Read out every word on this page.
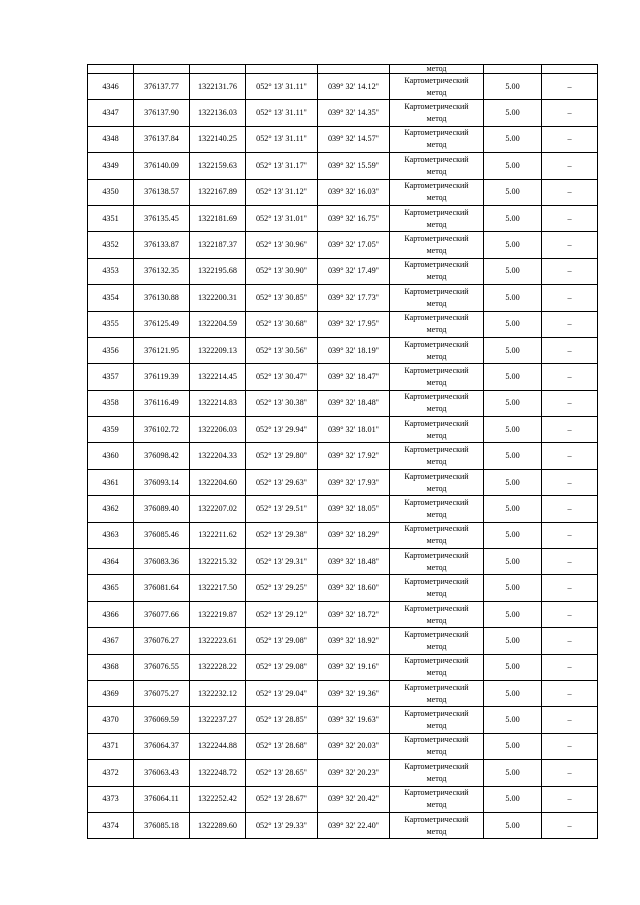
					метод		

4346	376137.77	1322131.76	052° 13' 31.11"	039° 32' 14.12"	Картометрический
метод	5.00	–
4347	376137.90	1322136.03	052° 13' 31.11"	039° 32' 14.35"	Картометрический
метод	5.00	–
4348	376137.84	1322140.25	052° 13' 31.11"	039° 32' 14.57"	Картометрический
метод	5.00	–
4349	376140.09	1322159.63	052° 13' 31.17"	039° 32' 15.59"	Картометрический
метод	5.00	–
4350	376138.57	1322167.89	052° 13' 31.12"	039° 32' 16.03"	Картометрический
метод	5.00	–
4351	376135.45	1322181.69	052° 13' 31.01"	039° 32' 16.75"	Картометрический
метод	5.00	–
4352	376133.87	1322187.37	052° 13' 30.96"	039° 32' 17.05"	Картометрический
метод	5.00	–
4353	376132.35	1322195.68	052° 13' 30.90"	039° 32' 17.49"	Картометрический
метод	5.00	–
4354	376130.88	1322200.31	052° 13' 30.85"	039° 32' 17.73"	Картометрический
метод	5.00	–
4355	376125.49	1322204.59	052° 13' 30.68"	039° 32' 17.95"	Картометрический
метод	5.00	–
4356	376121.95	1322209.13	052° 13' 30.56"	039° 32' 18.19"	Картометрический
метод	5.00	–
4357	376119.39	1322214.45	052° 13' 30.47"	039° 32' 18.47"	Картометрический
метод	5.00	–
4358	376116.49	1322214.83	052° 13' 30.38"	039° 32' 18.48"	Картометрический
метод	5.00	–
4359	376102.72	1322206.03	052° 13' 29.94"	039° 32' 18.01"	Картометрический
метод	5.00	–
4360	376098.42	1322204.33	052° 13' 29.80"	039° 32' 17.92"	Картометрический
метод	5.00	–
4361	376093.14	1322204.60	052° 13' 29.63"	039° 32' 17.93"	Картометрический
метод	5.00	–
4362	376089.40	1322207.02	052° 13' 29.51"	039° 32' 18.05"	Картометрический
метод	5.00	–
4363	376085.46	1322211.62	052° 13' 29.38"	039° 32' 18.29"	Картометрический
метод	5.00	–
4364	376083.36	1322215.32	052° 13' 29.31"	039° 32' 18.48"	Картометрический
метод	5.00	–
4365	376081.64	1322217.50	052° 13' 29.25"	039° 32' 18.60"	Картометрический
метод	5.00	–
4366	376077.66	1322219.87	052° 13' 29.12"	039° 32' 18.72"	Картометрический
метод	5.00	–
4367	376076.27	1322223.61	052° 13' 29.08"	039° 32' 18.92"	Картометрический
метод	5.00	–
4368	376076.55	1322228.22	052° 13' 29.08"	039° 32' 19.16"	Картометрический
метод	5.00	–
4369	376075.27	1322232.12	052° 13' 29.04"	039° 32' 19.36"	Картометрический
метод	5.00	–
4370	376069.59	1322237.27	052° 13' 28.85"	039° 32' 19.63"	Картометрический
метод	5.00	–
4371	376064.37	1322244.88	052° 13' 28.68"	039° 32' 20.03"	Картометрический
метод	5.00	–
4372	376063.43	1322248.72	052° 13' 28.65"	039° 32' 20.23"	Картометрический
метод	5.00	–
4373	376064.11	1322252.42	052° 13' 28.67"	039° 32' 20.42"	Картометрический
метод	5.00	–
4374	376085.18	1322289.60	052° 13' 29.33"	039° 32' 22.40"	Картометрический
метод	5.00	–
